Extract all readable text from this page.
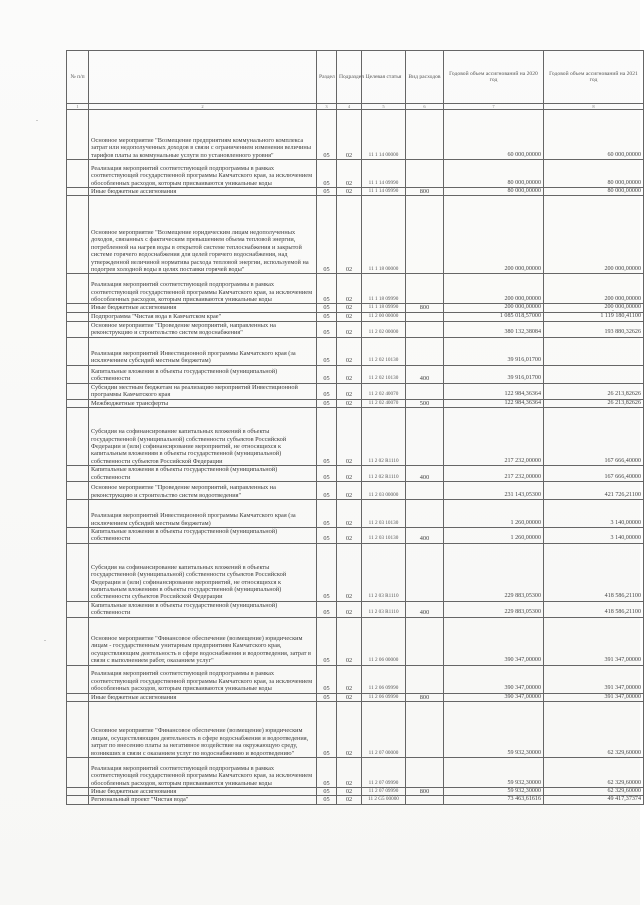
№ п/п		Раздел	Подраздел	Целевая статья	Вид расходов	Годовой объем ассигнований на 2020 год	Годовой объем ассигнований на 2021 год
1	2	3	4	5	6	7	8
	Основное мероприятие "Возмещение предприятиям коммунального комплекса затрат или недополученных доходов в связи с ограничением изменения величины тарифов платы за коммунальные услуги по установленного уровня"	05	02	11 1 14 00000		60 000,00000	60 000,00000
	Реализация мероприятий соответствующей подпрограммы в рамках соответствующей государственной программы Камчатского края, за исключением обособленных расходов, которым присваиваются уникальные коды	05	02	11 1 14 09990		80 000,00000	80 000,00000
	Иные бюджетные ассигнования	05	02	11 1 14 09990	800	80 000,00000	80 000,00000
	Основное мероприятие "Возмещение юридическим лицам недополученных доходов, связанных с фактическим превышением объема тепловой энергии, потребленной на нагрев воды в открытой системе теплоснабжения и закрытой системе горячего водоснабжения для целей горячего водоснабжения, над утвержденной величиной норматива расхода тепловой энергии, используемой на подогрев холодной воды в целях поставки горячей воды"	05	02	11 1 18 00000		200 000,00000	200 000,00000
	Реализация мероприятий соответствующей подпрограммы в рамках соответствующей государственной программы Камчатского края, за исключением обособленных расходов, которым присваиваются уникальные коды	05	02	11 1 18 09990		200 000,00000	200 000,00000
	Иные бюджетные ассигнования	05	02	11 1 18 09990	800	200 000,00000	200 000,00000
	Подпрограмма "Чистая вода в Камчатском крае"	05	02	11 2 00 00000		1 085 018,57000	1 119 180,41100
	Основное мероприятие "Проведение мероприятий, направленных на реконструкцию и строительство систем водоснабжения"	05	02	11 2 02 00000		380 132,38084	193 880,32626
	Реализация мероприятий Инвестиционной программы Камчатского края (за исключением субсидий местным бюджетам)	05	02	11 2 02 10130		39 916,01700	
	Капитальные вложения в объекты государственной (муниципальной) собственности	05	02	11 2 02 10130	400	39 916,01700	
	Субсидии местным бюджетам на реализацию мероприятий Инвестиционной программы Камчатского края	05	02	11 2 02 40070		122 984,36364	26 213,82626
	Межбюджетные трансферты	05	02	11 2 02 40070	500	122 984,36364	26 213,82626
	Субсидия на софинансирование капитальных вложений в объекты государственной (муниципальной) собственности субъектов Российской Федерации и (или) софинансирование мероприятий, не относящихся к капитальным вложениям в объекты государственной (муниципальной) собственности субъектов Российской Федерации	05	02	11 2 02 R1110		217 232,00000	167 666,40000
	Капитальные вложения в объекты государственной (муниципальной) собственности	05	02	11 2 02 R1110	400	217 232,00000	167 666,40000
	Основное мероприятие "Проведение мероприятий, направленных на реконструкцию и строительство систем водоотведения"	05	02	11 2 03 00000		231 143,05300	421 726,21100
	Реализация мероприятий Инвестиционной программы Камчатского края (за исключением субсидий местным бюджетам)	05	02	11 2 03 10130		1 260,00000	3 140,00000
	Капитальные вложения в объекты государственной (муниципальной) собственности	05	02	11 2 03 10130	400	1 260,00000	3 140,00000
	Субсидия на софинансирование капитальных вложений в объекты государственной (муниципальной) собственности субъектов Российской Федерации и (или) софинансирование мероприятий, не относящихся к капитальным вложениям в объекты государственной (муниципальной) собственности субъектов Российской Федерации	05	02	11 2 03 R1110		229 883,05300	418 586,21100
	Капитальные вложения в объекты государственной (муниципальной) собственности	05	02	11 2 03 R1110	400	229 883,05300	418 586,21100
	Основное мероприятие "Финансовое обеспечение (возмещение) юридическим лицам - государственным унитарным предприятиям Камчатского края, осуществляющим деятельность в сфере водоснабжения и водоотведения, затрат в связи с выполнением работ, оказанием услуг"	05	02	11 2 06 00000		390 347,00000	391 347,00000
	Реализация мероприятий соответствующей подпрограммы в рамках соответствующей государственной программы Камчатского края, за исключением обособленных расходов, которым присваиваются уникальные коды	05	02	11 2 06 09990		390 347,00000	391 347,00000
	Иные бюджетные ассигнования	05	02	11 2 06 09990	800	390 347,00000	391 347,00000
	Основное мероприятие "Финансовое обеспечение (возмещение) юридическим лицам, осуществляющим деятельность в сфере водоснабжения и водоотведения, затрат по внесению платы за негативное воздействие на окружающую среду, возникших в связи с оказанием услуг по водоснабжению и водоотведению"	05	02	11 2 07 00000		59 932,30000	62 329,60000
	Реализация мероприятий соответствующей подпрограммы в рамках соответствующей государственной программы Камчатского края, за исключением обособленных расходов, которым присваиваются уникальные коды	05	02	11 2 07 09990		59 932,30000	62 329,60000
	Иные бюджетные ассигнования	05	02	11 2 07 09990	800	59 932,30000	62 329,60000
	Региональный проект "Чистая вода"	05	02	11 2 G5 00000		73 463,61616	49 417,37374
